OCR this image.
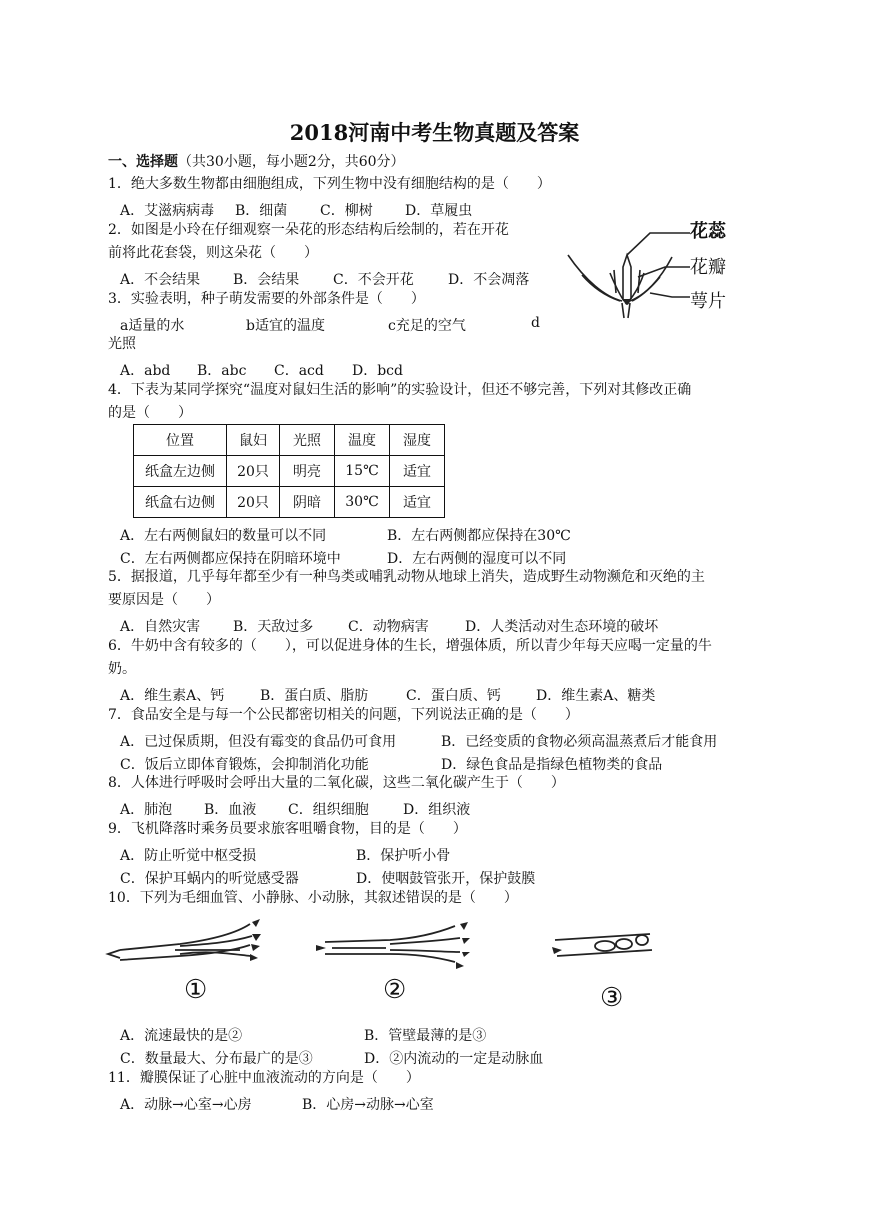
2018河南中考生物真题及答案
一、选择题（共30小题，每小题2分，共60分）
1．绝大多数生物都由细胞组成，下列生物中没有细胞结构的是（　　）
A．艾滋病病毒	B．细菌	C．柳树	D．草履虫
2．如图是小玲在仔细观察一朵花的形态结构后绘制的，若在开花
前将此花套袋，则这朵花（　　）
A．不会结果	B．会结果	C．不会开花	D．不会凋落
花蕊
花瓣
萼片
3．实验表明，种子萌发需要的外部条件是（　　）
a适量的水	b适宜的温度	c充足的空气	d
光照
A．abd	B．abc	C．acd	D．bcd
4．下表为某同学探究“温度对鼠妇生活的影响”的实验设计，但还不够完善，下列对其修改正确
的是（　　）
位置	鼠妇	光照	温度	湿度
纸盒左边侧	20只	明亮	15℃	适宜
纸盒右边侧	20只	阴暗	30℃	适宜
A．左右两侧鼠妇的数量可以不同	B．左右两侧都应保持在30℃
C．左右两侧都应保持在阴暗环境中	D．左右两侧的湿度可以不同
5．据报道，几乎每年都至少有一种鸟类或哺乳动物从地球上消失，造成野生动物濒危和灭绝的主
要原因是（　　）
A．自然灾害	B．天敌过多	C．动物病害	D．人类活动对生态环境的破坏
6．牛奶中含有较多的（　　），可以促进身体的生长，增强体质，所以青少年每天应喝一定量的牛
奶。
A．维生素A、钙	B．蛋白质、脂肪	C．蛋白质、钙	D．维生素A、糖类
7．食品安全是与每一个公民都密切相关的问题，下列说法正确的是（　　）
A．已过保质期，但没有霉变的食品仍可食用	B．已经变质的食物必须高温蒸煮后才能食用
C．饭后立即体育锻炼，会抑制消化功能	D．绿色食品是指绿色植物类的食品
8．人体进行呼吸时会呼出大量的二氧化碳，这些二氧化碳产生于（　　）
A．肺泡	B．血液	C．组织细胞	D．组织液
9．飞机降落时乘务员要求旅客咀嚼食物，目的是（　　）
A．防止听觉中枢受损	B．保护听小骨
C．保护耳蜗内的听觉感受器	D．使咽鼓管张开，保护鼓膜
10．下列为毛细血管、小静脉、小动脉，其叙述错误的是（　　）
①	②	③
A．流速最快的是②	B．管壁最薄的是③
C．数量最大、分布最广的是③	D．②内流动的一定是动脉血
11．瓣膜保证了心脏中血液流动的方向是（　　）
A．动脉→心室→心房	B．心房→动脉→心室
